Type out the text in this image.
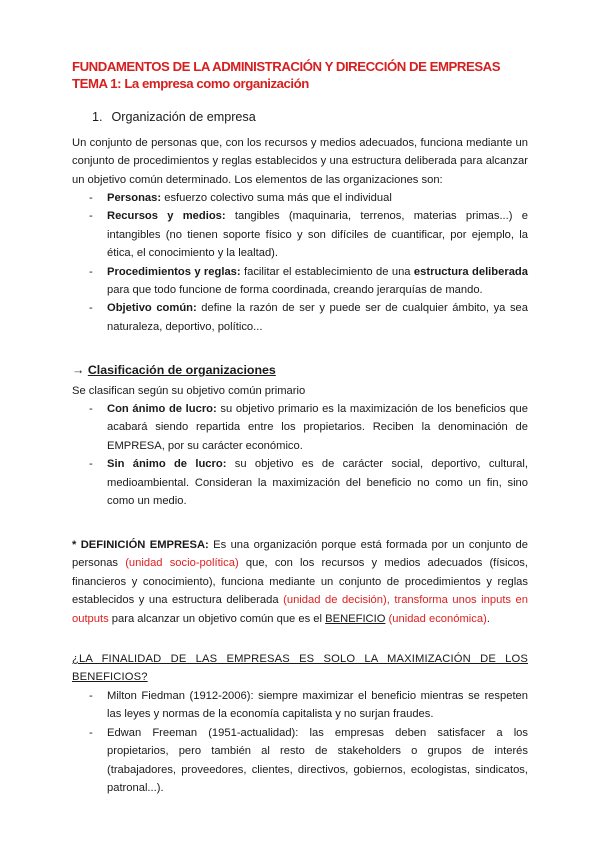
FUNDAMENTOS DE LA ADMINISTRACIÓN Y DIRECCIÓN DE EMPRESAS
TEMA 1: La empresa como organización
1. Organización de empresa
Un conjunto de personas que, con los recursos y medios adecuados, funciona mediante un conjunto de procedimientos y reglas establecidos y una estructura deliberada para alcanzar un objetivo común determinado. Los elementos de las organizaciones son:
- Personas: esfuerzo colectivo suma más que el individual
- Recursos y medios: tangibles (maquinaria, terrenos, materias primas...) e intangibles (no tienen soporte físico y son difíciles de cuantificar, por ejemplo, la ética, el conocimiento y la lealtad).
- Procedimientos y reglas: facilitar el establecimiento de una estructura deliberada para que todo funcione de forma coordinada, creando jerarquías de mando.
- Objetivo común: define la razón de ser y puede ser de cualquier ámbito, ya sea naturaleza, deportivo, político...
→ Clasificación de organizaciones
Se clasifican según su objetivo común primario
- Con ánimo de lucro: su objetivo primario es la maximización de los beneficios que acabará siendo repartida entre los propietarios. Reciben la denominación de EMPRESA, por su carácter económico.
- Sin ánimo de lucro: su objetivo es de carácter social, deportivo, cultural, medioambiental. Consideran la maximización del beneficio no como un fin, sino como un medio.
* DEFINICIÓN EMPRESA: Es una organización porque está formada por un conjunto de personas (unidad socio-política) que, con los recursos y medios adecuados (físicos, financieros y conocimiento), funciona mediante un conjunto de procedimientos y reglas establecidos y una estructura deliberada (unidad de decisión), transforma unos inputs en outputs para alcanzar un objetivo común que es el BENEFICIO (unidad económica).
¿LA FINALIDAD DE LAS EMPRESAS ES SOLO LA MAXIMIZACIÓN DE LOS BENEFICIOS?
- Milton Fiedman (1912-2006): siempre maximizar el beneficio mientras se respeten las leyes y normas de la economía capitalista y no surjan fraudes.
- Edwan Freeman (1951-actualidad): las empresas deben satisfacer a los propietarios, pero también al resto de stakeholders o grupos de interés (trabajadores, proveedores, clientes, directivos, gobiernos, ecologistas, sindicatos, patronal...).
